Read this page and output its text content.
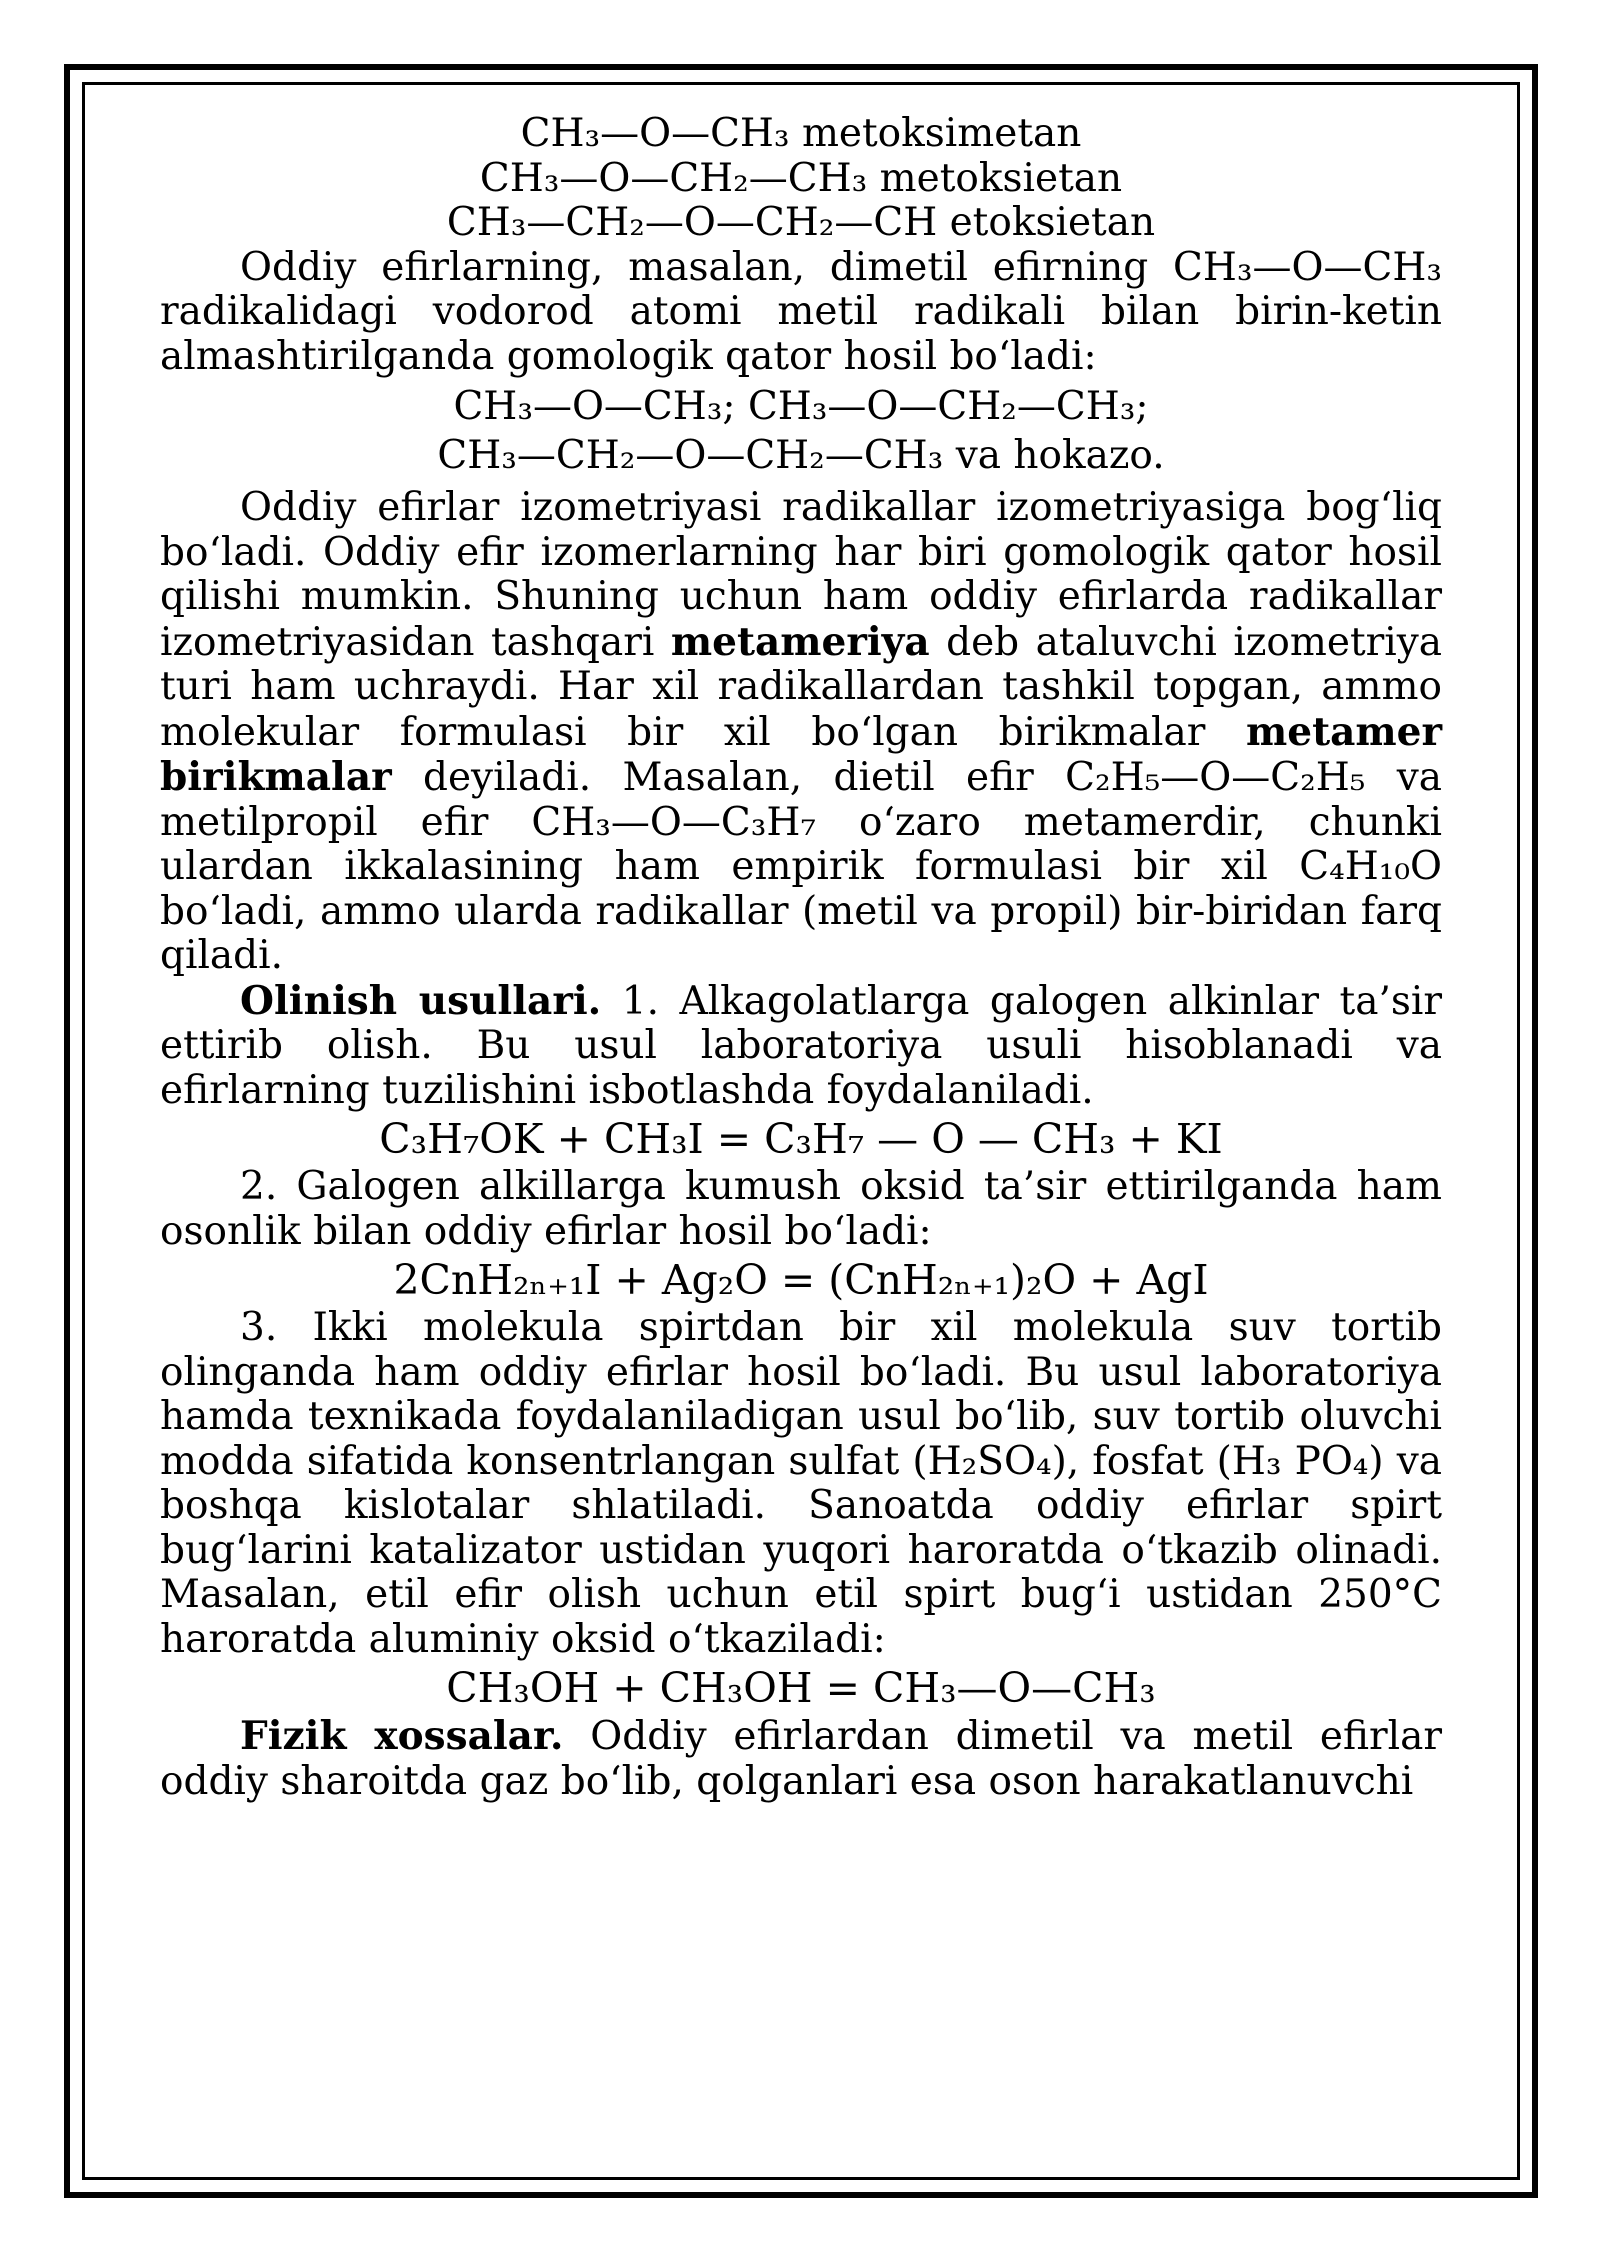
CH₃—O—CH₃ metoksimetan
CH₃—O—CH₂—CH₃ metoksietan
CH₃—CH₂—O—CH₂—CH etoksietan

Oddiy efirlarning, masalan, dimetil efirning CH₃—O—CH₃ radikalidagi vodorod atomi metil radikali bilan birin-ketin almashtirilganda gomologik qator hosil bo‘ladi:

CH₃—O—CH₃; CH₃—O—CH₂—CH₃;
CH₃—CH₂—O—CH₂—CH₃ va hokazo.

Oddiy efirlar izometriyasi radikallar izometriyasiga bog‘liq bo‘ladi. Oddiy efir izomerlarning har biri gomologik qator hosil qilishi mumkin. Shuning uchun ham oddiy efirlarda radikallar izometriyasidan tashqari metameriya deb ataluvchi izometriya turi ham uchraydi. Har xil radikallardan tashkil topgan, ammo molekular formulasi bir xil bo‘lgan birikmalar metamer birikmalar deyiladi. Masalan, dietil efir C₂H₅—O—C₂H₅ va metilpropil efir CH₃—O—C₃H₇ o‘zaro metamerdir, chunki ulardan ikkalasining ham empirik formulasi bir xil C₄H₁₀O bo‘ladi, ammo ularda radikallar (metil va propil) bir-biridan farq qiladi.

Olinish usullari. 1. Alkagolatlarga galogen alkinlar ta’sir ettirib olish. Bu usul laboratoriya usuli hisoblanadi va efirlarning tuzilishini isbotlashda foydalaniladi.

C₃H₇OK + CH₃I = C₃H₇ — O — CH₃ + KI

2. Galogen alkillarga kumush oksid ta’sir ettirilganda ham osonlik bilan oddiy efirlar hosil bo‘ladi:

2CnH₂ₙ₊₁I + Ag₂O = (CnH₂ₙ₊₁)₂O + AgI

3. Ikki molekula spirtdan bir xil molekula suv tortib olinganda ham oddiy efirlar hosil bo‘ladi. Bu usul laboratoriya hamda texnikada foydalaniladigan usul bo‘lib, suv tortib oluvchi modda sifatida konsentrlangan sulfat (H₂SO₄), fosfat (H₃ PO₄) va boshqa kislotalar shlatiladi. Sanoatda oddiy efirlar spirt bug‘larini katalizator ustidan yuqori haroratda o‘tkazib olinadi. Masalan, etil efir olish uchun etil spirt bug‘i ustidan 250°C haroratda aluminiy oksid o‘tkaziladi:

CH₃OH + CH₃OH = CH₃—O—CH₃

Fizik xossalar. Oddiy efirlardan dimetil va metil efirlar oddiy sharoitda gaz bo‘lib, qolganlari esa oson harakatlanuvchi
